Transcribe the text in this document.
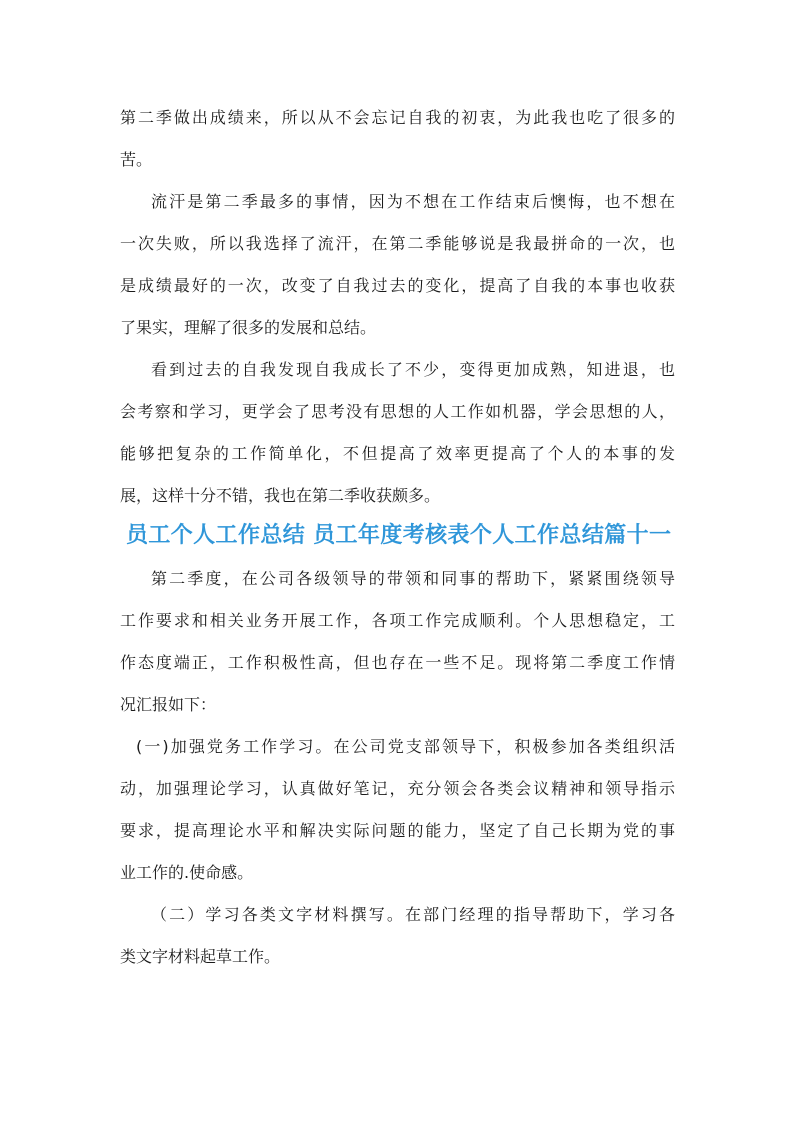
第二季做出成绩来，所以从不会忘记自我的初衷，为此我也吃了很多的

苦。

流汗是第二季最多的事情，因为不想在工作结束后懊悔，也不想在

一次失败，所以我选择了流汗，在第二季能够说是我最拼命的一次，也

是成绩最好的一次，改变了自我过去的变化，提高了自我的本事也收获

了果实，理解了很多的发展和总结。

看到过去的自我发现自我成长了不少，变得更加成熟，知进退，也

会考察和学习，更学会了思考没有思想的人工作如机器，学会思想的人，

能够把复杂的工作简单化，不但提高了效率更提高了个人的本事的发

展，这样十分不错，我也在第二季收获颇多。

员工个人工作总结 员工年度考核表个人工作总结篇十一

第二季度，在公司各级领导的带领和同事的帮助下，紧紧围绕领导

工作要求和相关业务开展工作，各项工作完成顺利。个人思想稳定，工

作态度端正，工作积极性高，但也存在一些不足。现将第二季度工作情

况汇报如下：

(一)加强党务工作学习。在公司党支部领导下，积极参加各类组织活

动，加强理论学习，认真做好笔记，充分领会各类会议精神和领导指示

要求，提高理论水平和解决实际问题的能力，坚定了自己长期为党的事

业工作的.使命感。

（二）学习各类文字材料撰写。在部门经理的指导帮助下，学习各

类文字材料起草工作。
